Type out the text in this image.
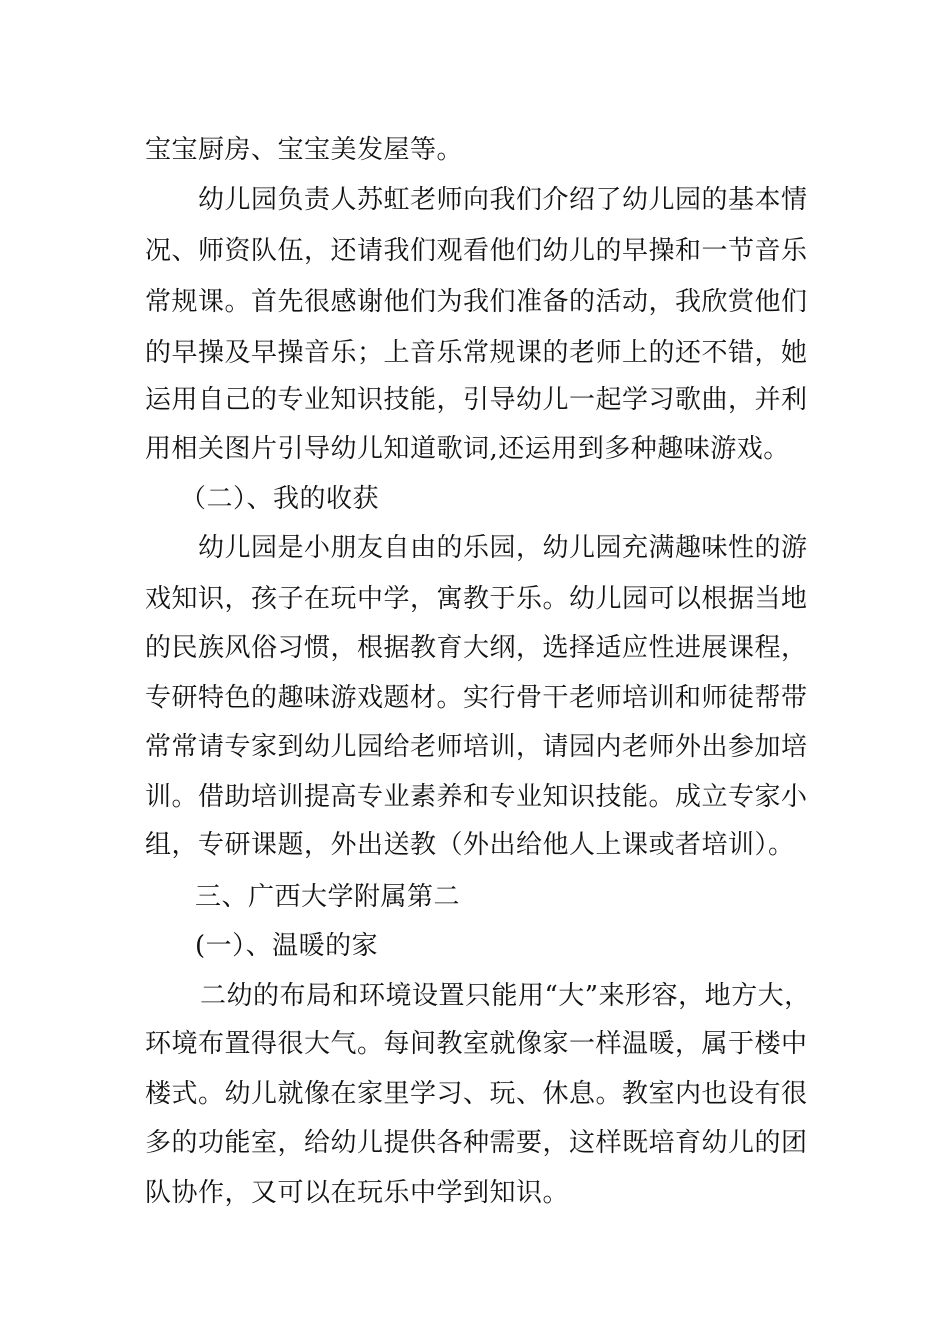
宝宝厨房、宝宝美发屋等。
幼儿园负责人苏虹老师向我们介绍了幼儿园的基本情
况、师资队伍，还请我们观看他们幼儿的早操和一节音乐
常规课。首先很感谢他们为我们准备的活动，我欣赏他们
的早操及早操音乐；上音乐常规课的老师上的还不错，她
运用自己的专业知识技能，引导幼儿一起学习歌曲，并利
用相关图片引导幼儿知道歌词,还运用到多种趣味游戏。
（二）、我的收获
幼儿园是小朋友自由的乐园，幼儿园充满趣味性的游
戏知识，孩子在玩中学，寓教于乐。幼儿园可以根据当地
的民族风俗习惯，根据教育大纲，选择适应性进展课程，
专研特色的趣味游戏题材。实行骨干老师培训和师徒帮带
常常请专家到幼儿园给老师培训，请园内老师外出参加培
训。借助培训提高专业素养和专业知识技能。成立专家小
组，专研课题，外出送教（外出给他人上课或者培训）。
三、广西大学附属第二
(一）、温暖的家
二幼的布局和环境设置只能用“大”来形容，地方大，
环境布置得很大气。每间教室就像家一样温暖，属于楼中
楼式。幼儿就像在家里学习、玩、休息。教室内也设有很
多的功能室，给幼儿提供各种需要，这样既培育幼儿的团
队协作，又可以在玩乐中学到知识。
